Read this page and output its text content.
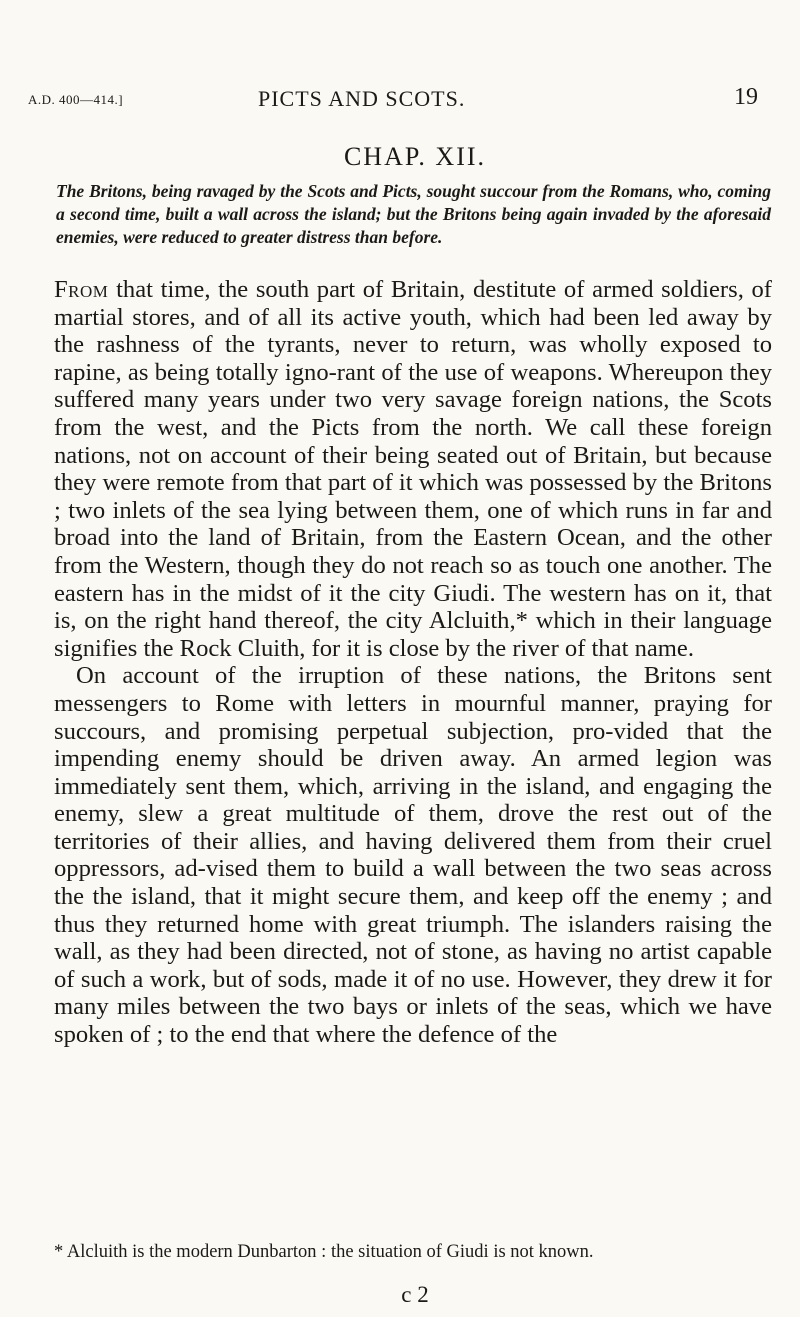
A.D. 400—414.]	PICTS AND SCOTS.	19
CHAP. XII.
The Britons, being ravaged by the Scots and Picts, sought succour from the Romans, who, coming a second time, built a wall across the island; but the Britons being again invaded by the aforesaid enemies, were reduced to greater distress than before.

From that time, the south part of Britain, destitute of armed soldiers, of martial stores, and of all its active youth, which had been led away by the rashness of the tyrants, never to return, was wholly exposed to rapine, as being totally igno-rant of the use of weapons. Whereupon they suffered many years under two very savage foreign nations, the Scots from the west, and the Picts from the north. We call these foreign nations, not on account of their being seated out of Britain, but because they were remote from that part of it which was possessed by the Britons ; two inlets of the sea lying between them, one of which runs in far and broad into the land of Britain, from the Eastern Ocean, and the other from the Western, though they do not reach so as touch one another. The eastern has in the midst of it the city Giudi. The western has on it, that is, on the right hand thereof, the city Alcluith,* which in their language signifies the Rock Cluith, for it is close by the river of that name.

On account of the irruption of these nations, the Britons sent messengers to Rome with letters in mournful manner, praying for succours, and promising perpetual subjection, pro-vided that the impending enemy should be driven away. An armed legion was immediately sent them, which, arriving in the island, and engaging the enemy, slew a great multitude of them, drove the rest out of the territories of their allies, and having delivered them from their cruel oppressors, ad-vised them to build a wall between the two seas across the the island, that it might secure them, and keep off the enemy ; and thus they returned home with great triumph. The islanders raising the wall, as they had been directed, not of stone, as having no artist capable of such a work, but of sods, made it of no use. However, they drew it for many miles between the two bays or inlets of the seas, which we have spoken of ; to the end that where the defence of the

* Alcluith is the modern Dunbarton : the situation of Giudi is not known.
c 2
